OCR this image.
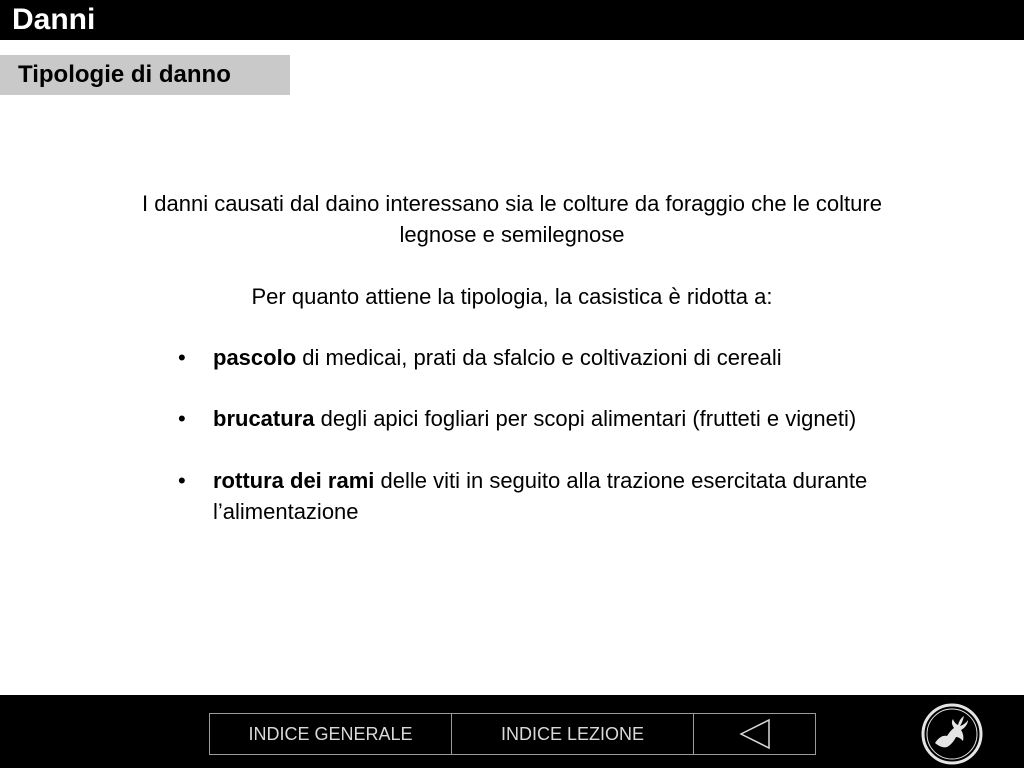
Danni
Tipologie di danno
I danni causati dal daino interessano sia le colture da foraggio che le colture
legnose e semilegnose
Per quanto attiene la tipologia, la casistica è ridotta a:
•	pascolo di medicai, prati da sfalcio e coltivazioni di cereali
•	brucatura degli apici fogliari per scopi alimentari (frutteti e vigneti)
•	rottura dei rami delle viti in seguito alla trazione esercitata durante l’alimentazione
INDICE GENERALE	INDICE LEZIONE
